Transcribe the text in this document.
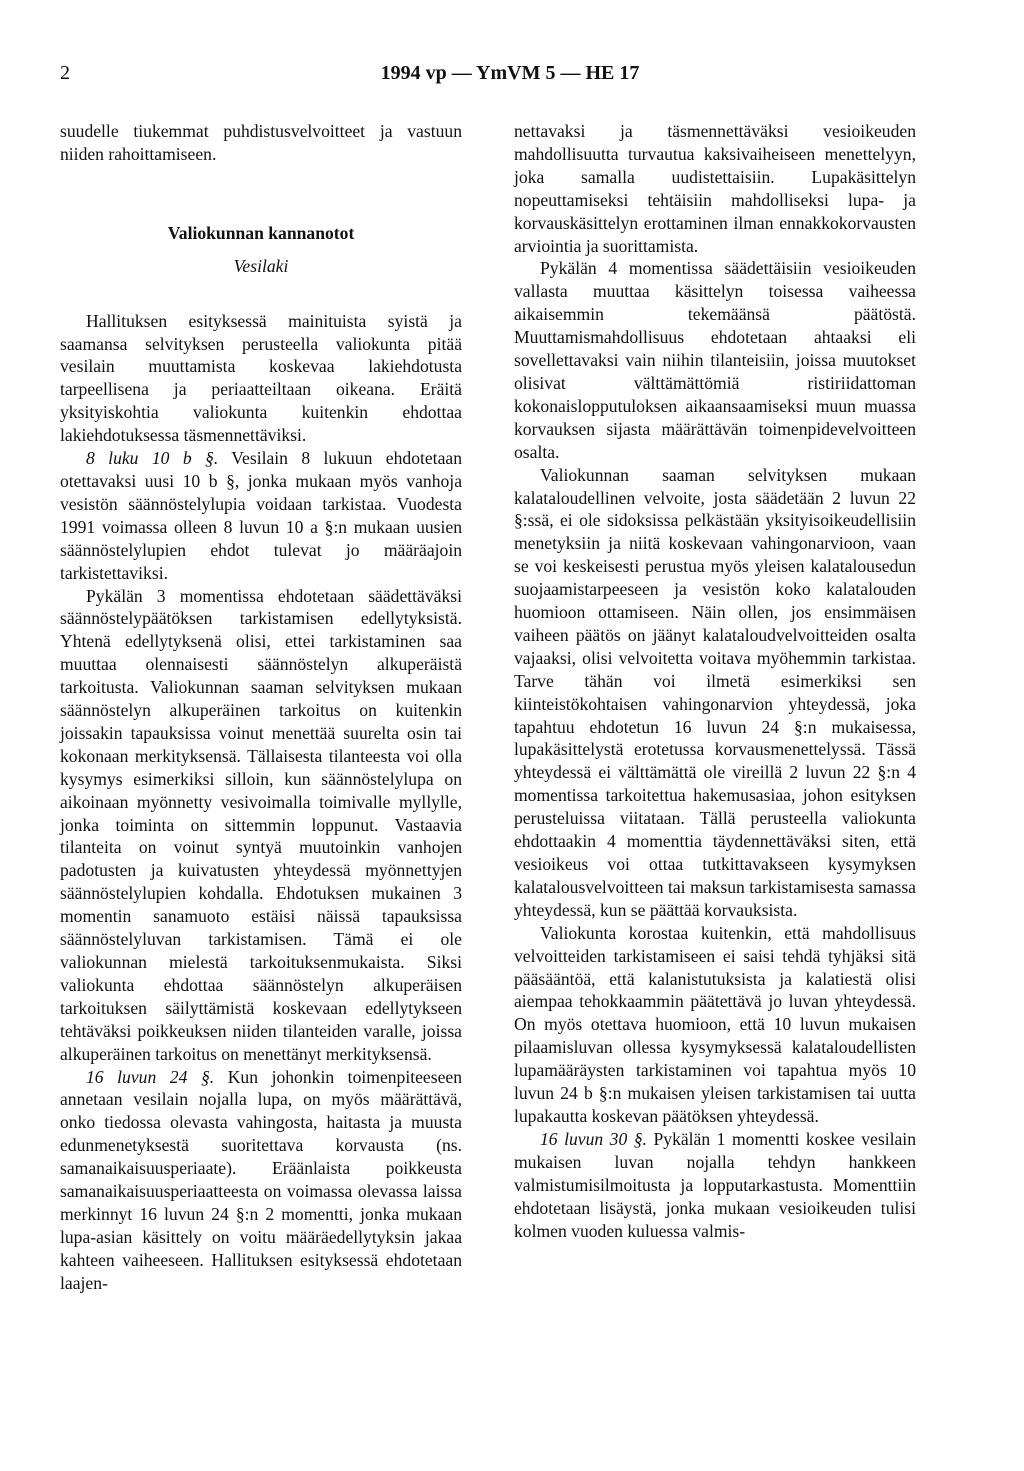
2	1994 vp — YmVM 5 — HE 17

suudelle tiukemmat puhdistusvelvoitteet ja vastuun niiden rahoittamiseen.

Valiokunnan kannanotot
Vesilaki

Hallituksen esityksessä mainituista syistä ja saamansa selvityksen perusteella valiokunta pitää vesilain muuttamista koskevaa lakiehdotusta tarpeellisena ja periaatteiltaan oikeana. Eräitä yksityiskohtia valiokunta kuitenkin ehdottaa lakiehdotuksessa täsmennettäviksi.

8 luku 10 b §. Vesilain 8 lukuun ehdotetaan otettavaksi uusi 10 b §, jonka mukaan myös vanhoja vesistön säännöstelylupia voidaan tarkistaa. Vuodesta 1991 voimassa olleen 8 luvun 10 a §:n mukaan uusien säännöstelylupien ehdot tulevat jo määräajoin tarkistettaviksi.

Pykälän 3 momentissa ehdotetaan säädettäväksi säännöstelypäätöksen tarkistamisen edellytyksistä. Yhtenä edellytyksenä olisi, ettei tarkistaminen saa muuttaa olennaisesti säännöstelyn alkuperäistä tarkoitusta. Valiokunnan saaman selvityksen mukaan säännöstelyn alkuperäinen tarkoitus on kuitenkin joissakin tapauksissa voinut menettää suurelta osin tai kokonaan merkityksensä. Tällaisesta tilanteesta voi olla kysymys esimerkiksi silloin, kun säännöstelylupa on aikoinaan myönnetty vesivoimalla toimivalle myllylle, jonka toiminta on sittemmin loppunut. Vastaavia tilanteita on voinut syntyä muutoinkin vanhojen padotusten ja kuivatusten yhteydessä myönnettyjen säännöstelylupien kohdalla. Ehdotuksen mukainen 3 momentin sanamuoto estäisi näissä tapauksissa säännöstelyluvan tarkistamisen. Tämä ei ole valiokunnan mielestä tarkoituksenmukaista. Siksi valiokunta ehdottaa säännöstelyn alkuperäisen tarkoituksen säilyttämistä koskevaan edellytykseen tehtäväksi poikkeuksen niiden tilanteiden varalle, joissa alkuperäinen tarkoitus on menettänyt merkityksensä.

16 luvun 24 §. Kun johonkin toimenpiteeseen annetaan vesilain nojalla lupa, on myös määrättävä, onko tiedossa olevasta vahingosta, haitasta ja muusta edunmenetyksestä suoritettava korvausta (ns. samanaikaisuusperiaate). Eräänlaista poikkeusta samanaikaisuusperiaatteesta on voimassa olevassa laissa merkinnyt 16 luvun 24 §:n 2 momentti, jonka mukaan lupa-asian käsittely on voitu määräedellytyksin jakaa kahteen vaiheeseen. Hallituksen esityksessä ehdotetaan laajen-

nettavaksi ja täsmennettäväksi vesioikeuden mahdollisuutta turvautua kaksivaiheiseen menettelyyn, joka samalla uudistettaisiin. Lupakäsittelyn nopeuttamiseksi tehtäisiin mahdolliseksi lupa- ja korvauskäsittelyn erottaminen ilman ennakkokorvausten arviointia ja suorittamista.

Pykälän 4 momentissa säädettäisiin vesioikeuden vallasta muuttaa käsittelyn toisessa vaiheessa aikaisemmin tekemäänsä päätöstä. Muuttamismahdollisuus ehdotetaan ahtaaksi eli sovellettavaksi vain niihin tilanteisiin, joissa muutokset olisivat välttämättömiä ristiriidattoman kokonaislopputuloksen aikaansaamiseksi muun muassa korvauksen sijasta määrättävän toimenpidevelvoitteen osalta.

Valiokunnan saaman selvityksen mukaan kalataloudellinen velvoite, josta säädetään 2 luvun 22 §:ssä, ei ole sidoksissa pelkästään yksityisoikeudellisiin menetyksiin ja niitä koskevaan vahingonarvioon, vaan se voi keskeisesti perustua myös yleisen kalatalousedun suojaamistarpeeseen ja vesistön koko kalatalouden huomioon ottamiseen. Näin ollen, jos ensimmäisen vaiheen päätös on jäänyt kalataloudvelvoitteiden osalta vajaaksi, olisi velvoitetta voitava myöhemmin tarkistaa. Tarve tähän voi ilmetä esimerkiksi sen kiinteistökohtaisen vahingonarvion yhteydessä, joka tapahtuu ehdotetun 16 luvun 24 §:n mukaisessa, lupakäsittelystä erotetussa korvausmenettelyssä. Tässä yhteydessä ei välttämättä ole vireillä 2 luvun 22 §:n 4 momentissa tarkoitettua hakemusasiaa, johon esityksen perusteluissa viitataan. Tällä perusteella valiokunta ehdottaakin 4 momenttia täydennettäväksi siten, että vesioikeus voi ottaa tutkittavakseen kysymyksen kalatalousvelvoitteen tai maksun tarkistamisesta samassa yhteydessä, kun se päättää korvauksista.

Valiokunta korostaa kuitenkin, että mahdollisuus velvoitteiden tarkistamiseen ei saisi tehdä tyhjäksi sitä pääsääntöä, että kalanistutuksista ja kalatiestä olisi aiempaa tehokkaammin päätettävä jo luvan yhteydessä. On myös otettava huomioon, että 10 luvun mukaisen pilaamisluvan ollessa kysymyksessä kalataloudellisten lupamääräysten tarkistaminen voi tapahtua myös 10 luvun 24 b §:n mukaisen yleisen tarkistamisen tai uutta lupakautta koskevan päätöksen yhteydessä.

16 luvun 30 §. Pykälän 1 momentti koskee vesilain mukaisen luvan nojalla tehdyn hankkeen valmistumisilmoitusta ja lopputarkastusta. Momenttiin ehdotetaan lisäystä, jonka mukaan vesioikeuden tulisi kolmen vuoden kuluessa valmis-
